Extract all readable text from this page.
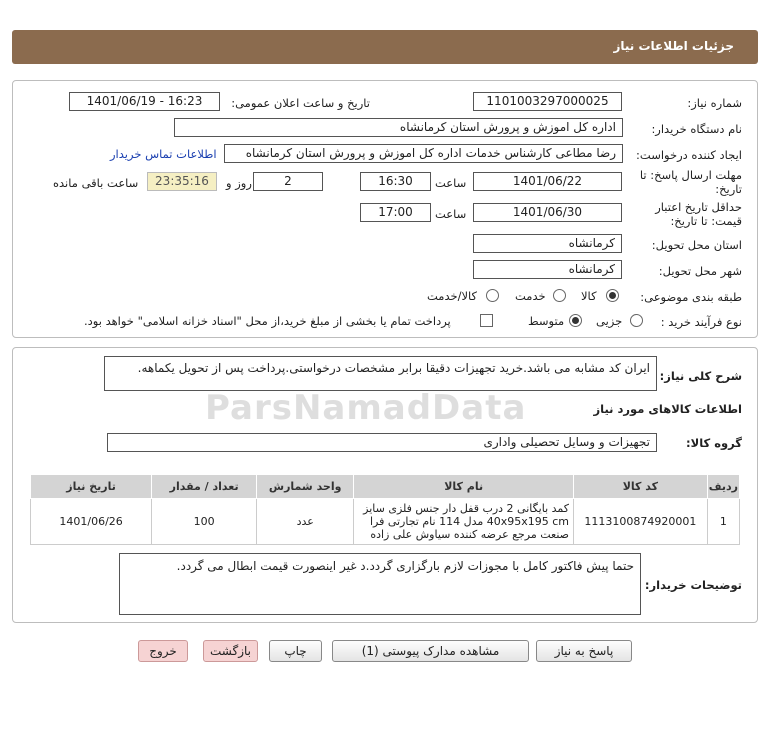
جزئیات اطلاعات نیاز
شماره نیاز:
1101003297000025
تاریخ و ساعت اعلان عمومی:
1401/06/19 - 16:23
نام دستگاه خریدار:
اداره کل اموزش و پرورش استان کرمانشاه
ایجاد کننده درخواست:
رضا مطاعی کارشناس خدمات اداره کل اموزش و پرورش استان کرمانشاه
اطلاعات تماس خریدار
مهلت ارسال پاسخ: تا
تاریخ:
1401/06/22
ساعت
16:30
2
روز و
23:35:16
ساعت باقی مانده
حداقل تاریخ اعتبار
قیمت: تا تاریخ:
1401/06/30
ساعت
17:00
استان محل تحویل:
کرمانشاه
شهر محل تحویل:
کرمانشاه
طبقه بندی موضوعی:
کالا
خدمت
کالا/خدمت
نوع فرآیند خرید :
جزیی
متوسط
پرداخت تمام یا بخشی از مبلغ خرید،از محل "اسناد خزانه اسلامی" خواهد بود.
شرح کلی نیاز:
ایران کد مشابه می باشد.خرید تجهیزات دقیقا برابر مشخصات درخواستی.پرداخت پس از تحویل یکماهه.
اطلاعات کالاهای مورد نیاز
گروه کالا:
تجهیزات و وسایل تحصیلی واداری
ParsNamadData
تاریخ نیاز	تعداد / مقدار	واحد شمارش	نام کالا	کد کالا	ردیف
1401/06/26	100	عدد	کمد بایگانی 2 درب قفل دار جنس فلزی سایز 40x95x195 cm مدل 114 نام تجارتی فرا صنعت مرجع عرضه کننده سیاوش علی زاده	1113100874920001	1
توضیحات خریدار:
حتما پیش فاکتور کامل با مجوزات لازم بارگزاری گردد.د غیر اینصورت قیمت ابطال می گردد.
پاسخ به نیاز
مشاهده مدارک پیوستی (1)
چاپ
بازگشت
خروج
